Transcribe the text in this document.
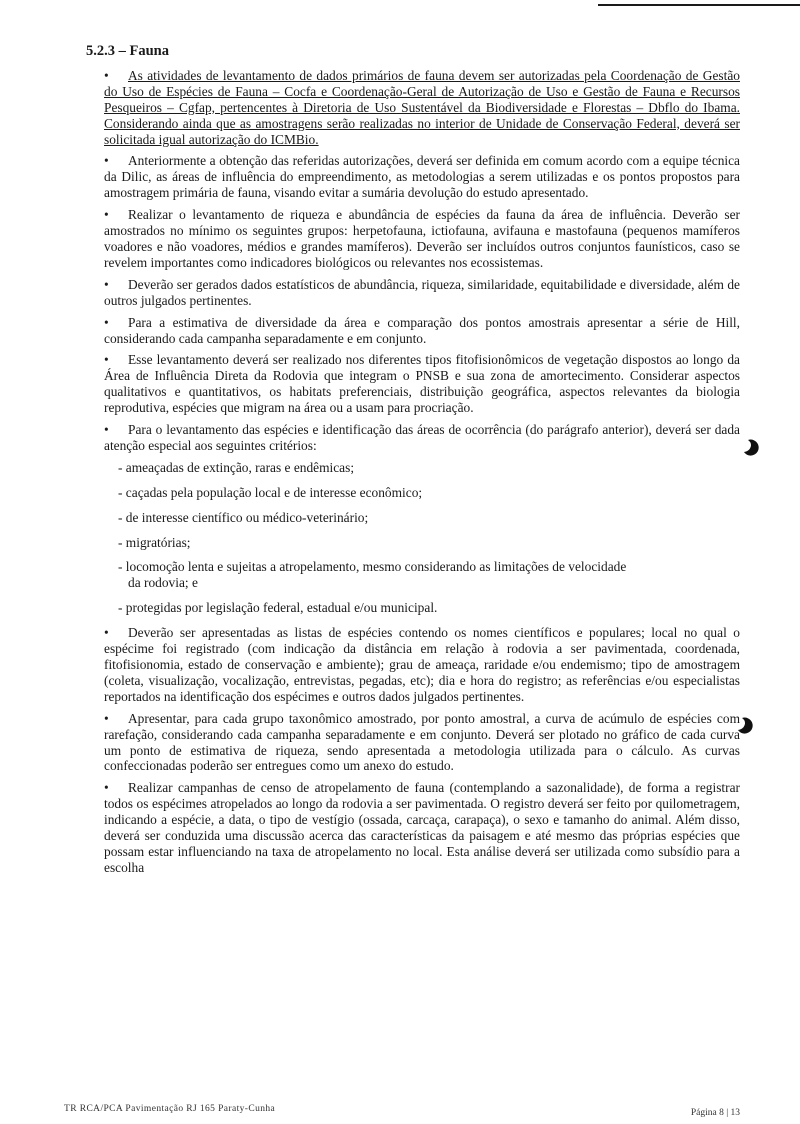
5.2.3 – Fauna

• As atividades de levantamento de dados primários de fauna devem ser autorizadas pela Coordenação de Gestão do Uso de Espécies de Fauna – Cocfa e Coordenação-Geral de Autorização de Uso e Gestão de Fauna e Recursos Pesqueiros – Cgfap, pertencentes à Diretoria de Uso Sustentável da Biodiversidade e Florestas – Dbflo do Ibama. Considerando ainda que as amostragens serão realizadas no interior de Unidade de Conservação Federal, deverá ser solicitada igual autorização do ICMBio.

• Anteriormente a obtenção das referidas autorizações, deverá ser definida em comum acordo com a equipe técnica da Dilic, as áreas de influência do empreendimento, as metodologias a serem utilizadas e os pontos propostos para amostragem primária de fauna, visando evitar a sumária devolução do estudo apresentado.

• Realizar o levantamento de riqueza e abundância de espécies da fauna da área de influência. Deverão ser amostrados no mínimo os seguintes grupos: herpetofauna, ictiofauna, avifauna e mastofauna (pequenos mamíferos voadores e não voadores, médios e grandes mamíferos). Deverão ser incluídos outros conjuntos faunísticos, caso se revelem importantes como indicadores biológicos ou relevantes nos ecossistemas.

• Deverão ser gerados dados estatísticos de abundância, riqueza, similaridade, equitabilidade e diversidade, além de outros julgados pertinentes.

• Para a estimativa de diversidade da área e comparação dos pontos amostrais apresentar a série de Hill, considerando cada campanha separadamente e em conjunto.

• Esse levantamento deverá ser realizado nos diferentes tipos fitofisionômicos de vegetação dispostos ao longo da Área de Influência Direta da Rodovia que integram o PNSB e sua zona de amortecimento. Considerar aspectos qualitativos e quantitativos, os habitats preferenciais, distribuição geográfica, aspectos relevantes da biologia reprodutiva, espécies que migram na área ou a usam para procriação.

• Para o levantamento das espécies e identificação das áreas de ocorrência (do parágrafo anterior), deverá ser dada atenção especial aos seguintes critérios:

- ameaçadas de extinção, raras e endêmicas;
- caçadas pela população local e de interesse econômico;
- de interesse científico ou médico-veterinário;
- migratórias;
- locomoção lenta e sujeitas a atropelamento, mesmo considerando as limitações de velocidade
da rodovia; e
- protegidas por legislação federal, estadual e/ou municipal.

• Deverão ser apresentadas as listas de espécies contendo os nomes científicos e populares; local no qual o espécime foi registrado (com indicação da distância em relação à rodovia a ser pavimentada, coordenada, fitofisionomia, estado de conservação e ambiente); grau de ameaça, raridade e/ou endemismo; tipo de amostragem (coleta, visualização, vocalização, entrevistas, pegadas, etc); dia e hora do registro; as referências e/ou especialistas reportados na identificação dos espécimes e outros dados julgados pertinentes.

• Apresentar, para cada grupo taxonômico amostrado, por ponto amostral, a curva de acúmulo de espécies com rarefação, considerando cada campanha separadamente e em conjunto. Deverá ser plotado no gráfico de cada curva um ponto de estimativa de riqueza, sendo apresentada a metodologia utilizada para o cálculo. As curvas confeccionadas poderão ser entregues como um anexo do estudo.

• Realizar campanhas de censo de atropelamento de fauna (contemplando a sazonalidade), de forma a registrar todos os espécimes atropelados ao longo da rodovia a ser pavimentada. O registro deverá ser feito por quilometragem, indicando a espécie, a data, o tipo de vestígio (ossada, carcaça, carapaça), o sexo e tamanho do animal. Além disso, deverá ser conduzida uma discussão acerca das características da paisagem e até mesmo das próprias espécies que possam estar influenciando na taxa de atropelamento no local. Esta análise deverá ser utilizada como subsídio para a escolha

TR RCA/PCA Pavimentação RJ 165 Paraty-Cunha	Página 8 | 13
